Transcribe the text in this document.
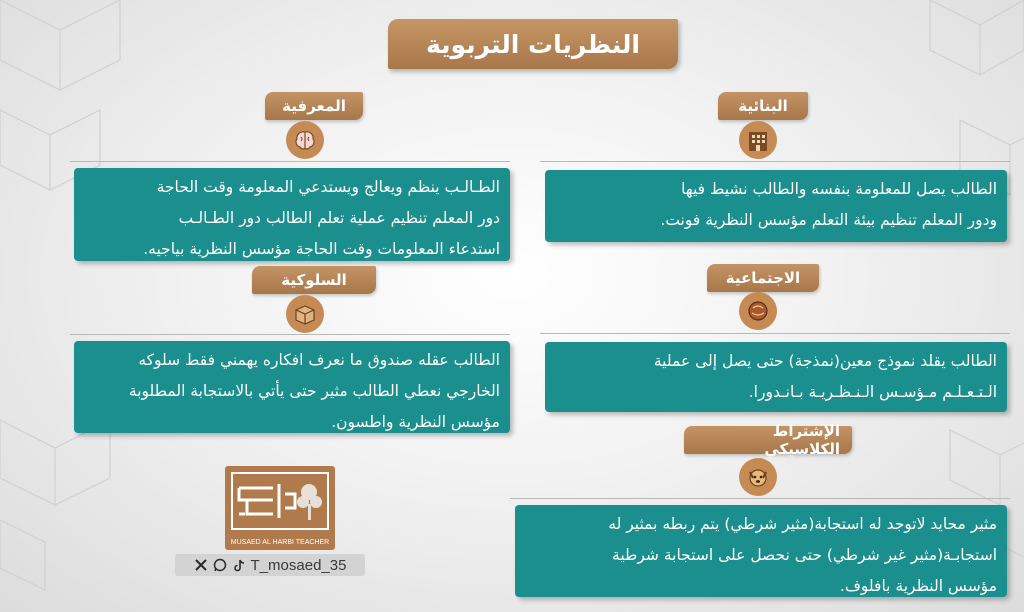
النظريات التربوية
البنائية

الطالب يصل للمعلومة بنفسه والطالب نشيط فيها

ودور المعلم تنظيم بيئة التعلم مؤسس النظرية فونت.

المعرفية

الطـالـب ينظم ويعالج ويستدعي المعلومة وقت الحاجة

دور المعلم تنظيم عملية تعلم الطالب دور الطـالـب

استدعاء المعلومات وقت الحاجة مؤسس النظرية بياجيه.

الاجتماعية

الطالب يقلد نموذج معين(نمذجة) حتى يصل إلى عملية

الـتـعـلـم مـؤسـس الـنـظـريـة بـانـدورا.

السلوكية

الطالب عقله صندوق ما نعرف افكاره يهمني فقط سلوكه

الخارجي نعطي الطالب مثير حتى يأتي بالاستجابة المطلوبة

مؤسس النظرية واطسون.	الإشتراط الكلاسيكي

مثير محايد لاتوجد له استجابة(مثير شرطي) يتم ربطه بمثير له

استجابـة(مثير غير شرطي) حتى نحصل على استجابة شرطية

مؤسس النظرية بافلوف.

MUSAED AL HARBI TEACHER
T_mosaed_35
